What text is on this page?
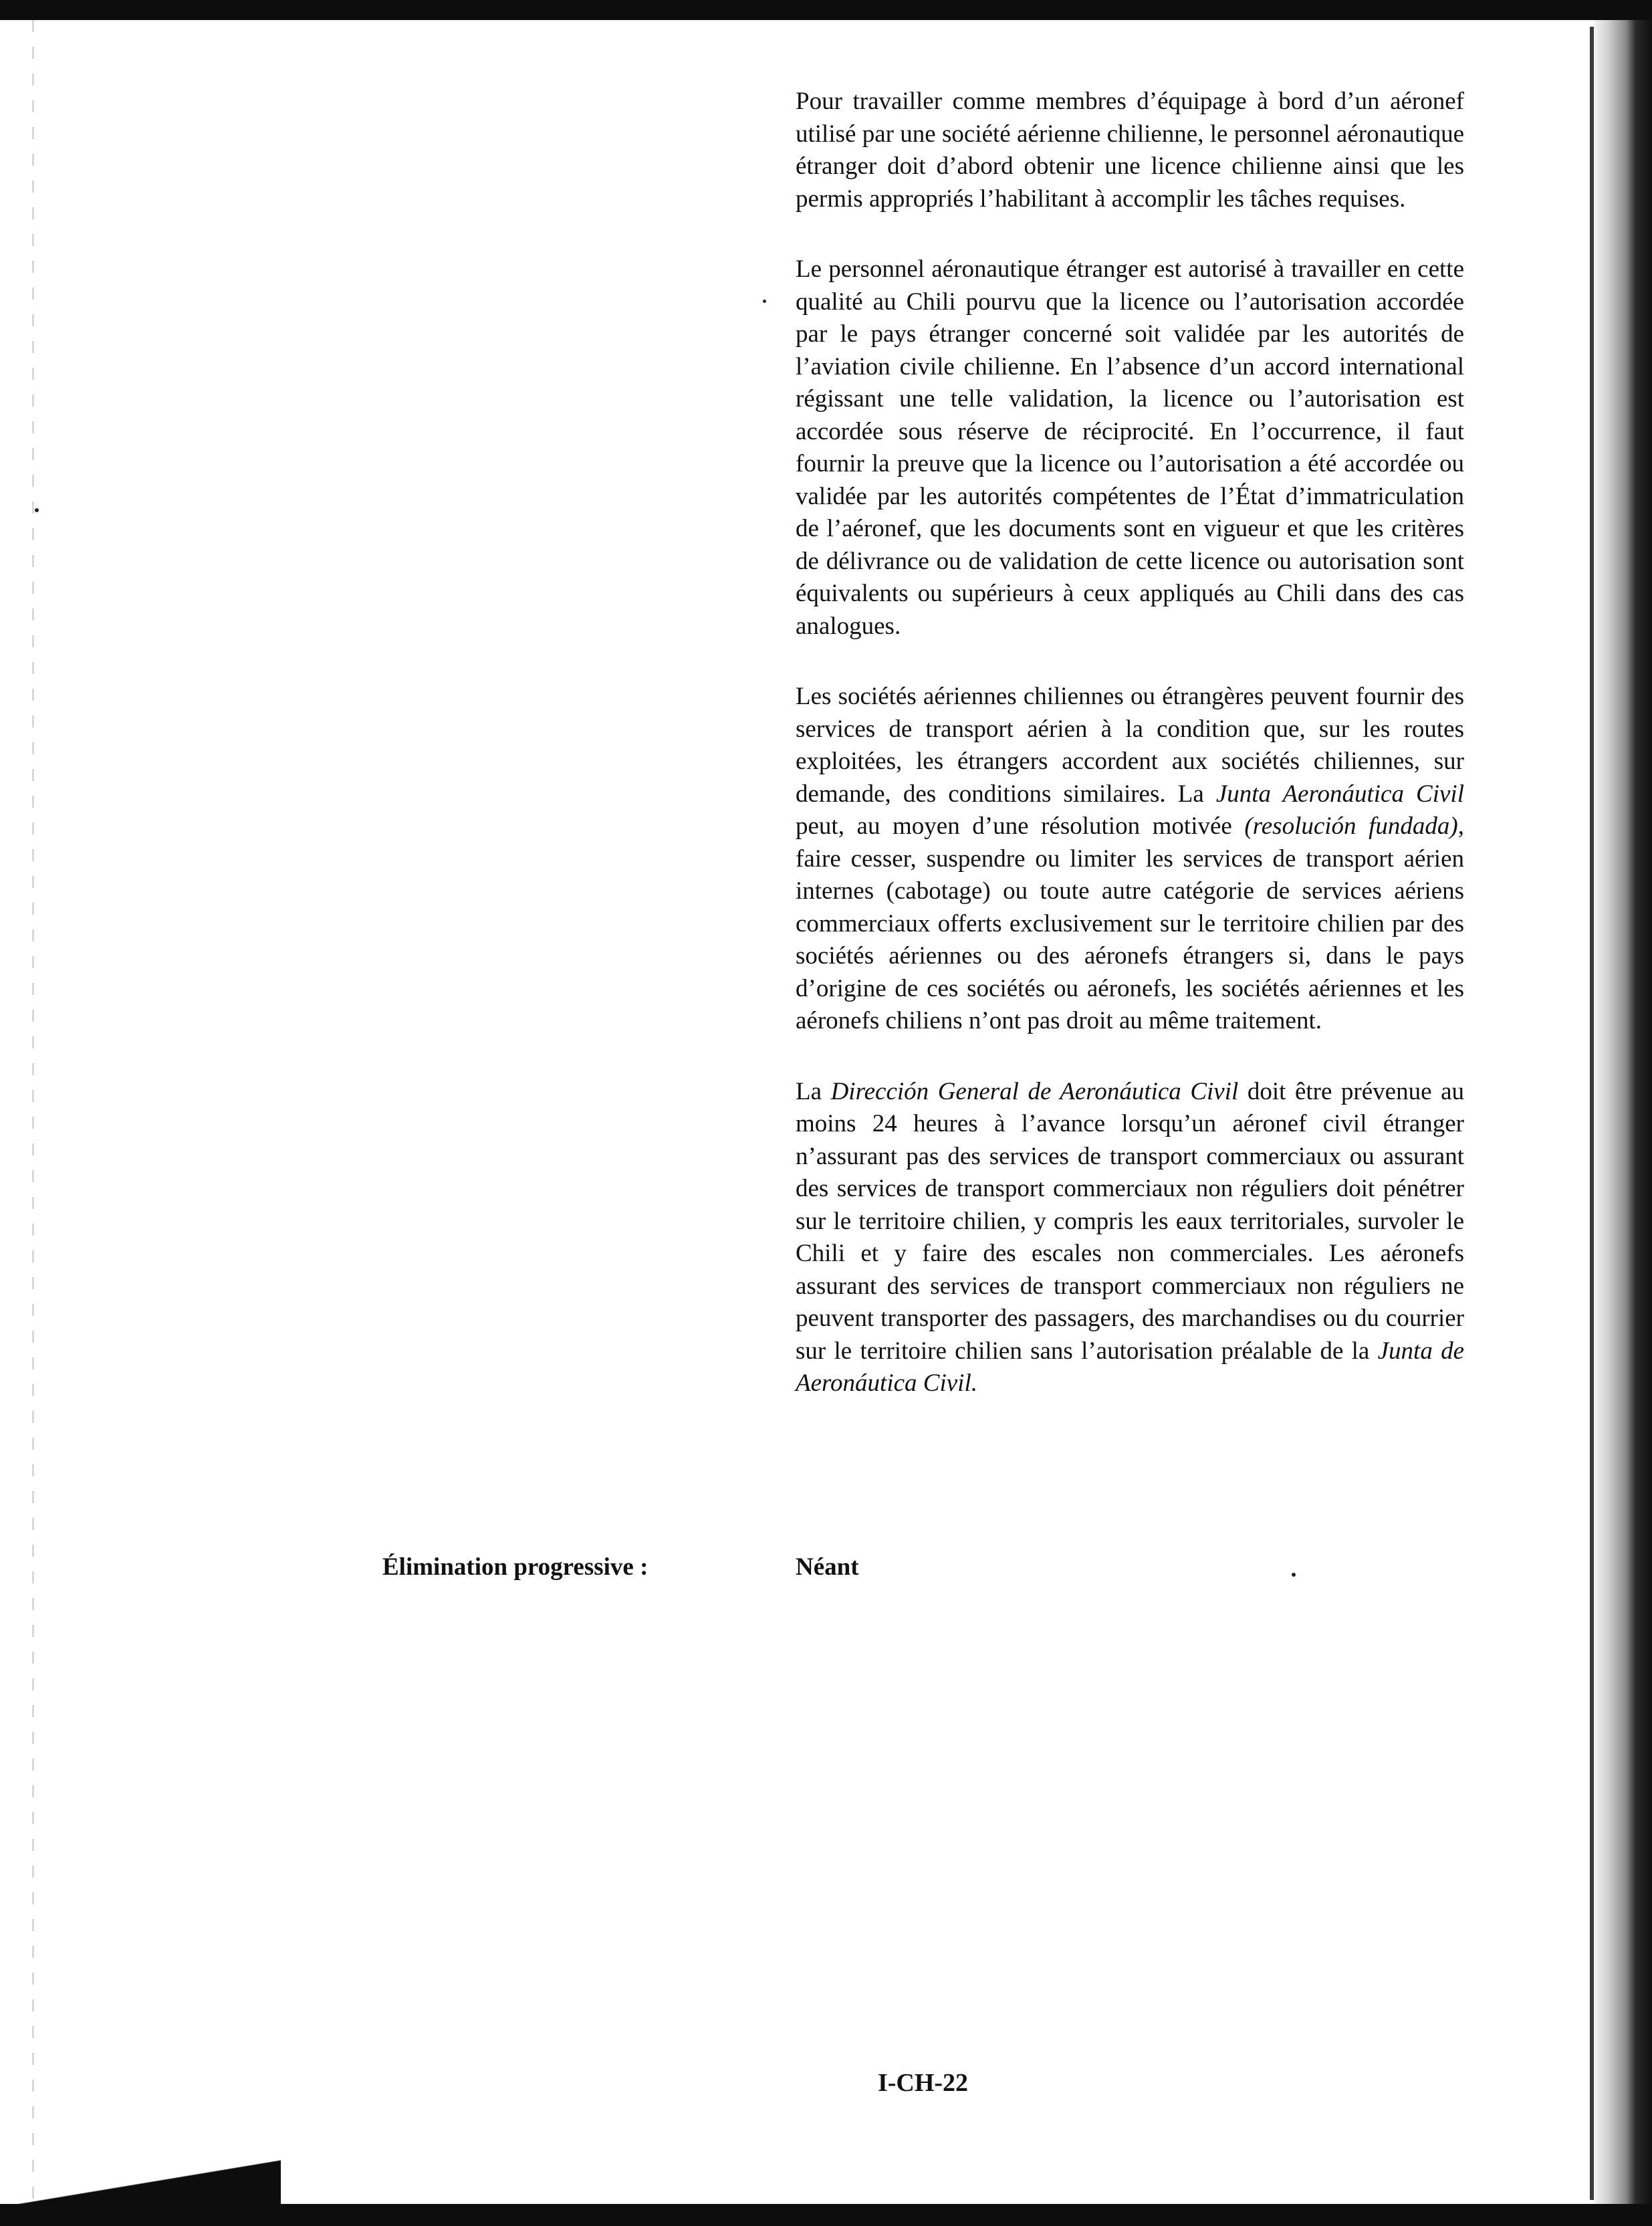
Pour travailler comme membres d’équipage à bord d’un aéronef utilisé par une société aérienne chilienne, le personnel aéronautique étranger doit d’abord obtenir une licence chilienne ainsi que les permis appropriés l’habilitant à accomplir les tâches requises.

Le personnel aéronautique étranger est autorisé à travailler en cette qualité au Chili pourvu que la licence ou l’autorisation accordée par le pays étranger concerné soit validée par les autorités de l’aviation civile chilienne. En l’absence d’un accord international régissant une telle validation, la licence ou l’autorisation est accordée sous réserve de réciprocité. En l’occurrence, il faut fournir la preuve que la licence ou l’autorisation a été accordée ou validée par les autorités compétentes de l’État d’immatriculation de l’aéronef, que les documents sont en vigueur et que les critères de délivrance ou de validation de cette licence ou autorisation sont équivalents ou supérieurs à ceux appliqués au Chili dans des cas analogues.

Les sociétés aériennes chiliennes ou étrangères peuvent fournir des services de transport aérien à la condition que, sur les routes exploitées, les étrangers accordent aux sociétés chiliennes, sur demande, des conditions similaires. La Junta Aeronáutica Civil peut, au moyen d’une résolution motivée (resolución fundada), faire cesser, suspendre ou limiter les services de transport aérien internes (cabotage) ou toute autre catégorie de services aériens commerciaux offerts exclusivement sur le territoire chilien par des sociétés aériennes ou des aéronefs étrangers si, dans le pays d’origine de ces sociétés ou aéronefs, les sociétés aériennes et les aéronefs chiliens n’ont pas droit au même traitement.

La Dirección General de Aeronáutica Civil doit être prévenue au moins 24 heures à l’avance lorsqu’un aéronef civil étranger n’assurant pas des services de transport commerciaux ou assurant des services de transport commerciaux non réguliers doit pénétrer sur le territoire chilien, y compris les eaux territoriales, survoler le Chili et y faire des escales non commerciales. Les aéronefs assurant des services de transport commerciaux non réguliers ne peuvent transporter des passagers, des marchandises ou du courrier sur le territoire chilien sans l’autorisation préalable de la Junta de Aeronáutica Civil.

Élimination progressive :	Néant
I-CH-22
